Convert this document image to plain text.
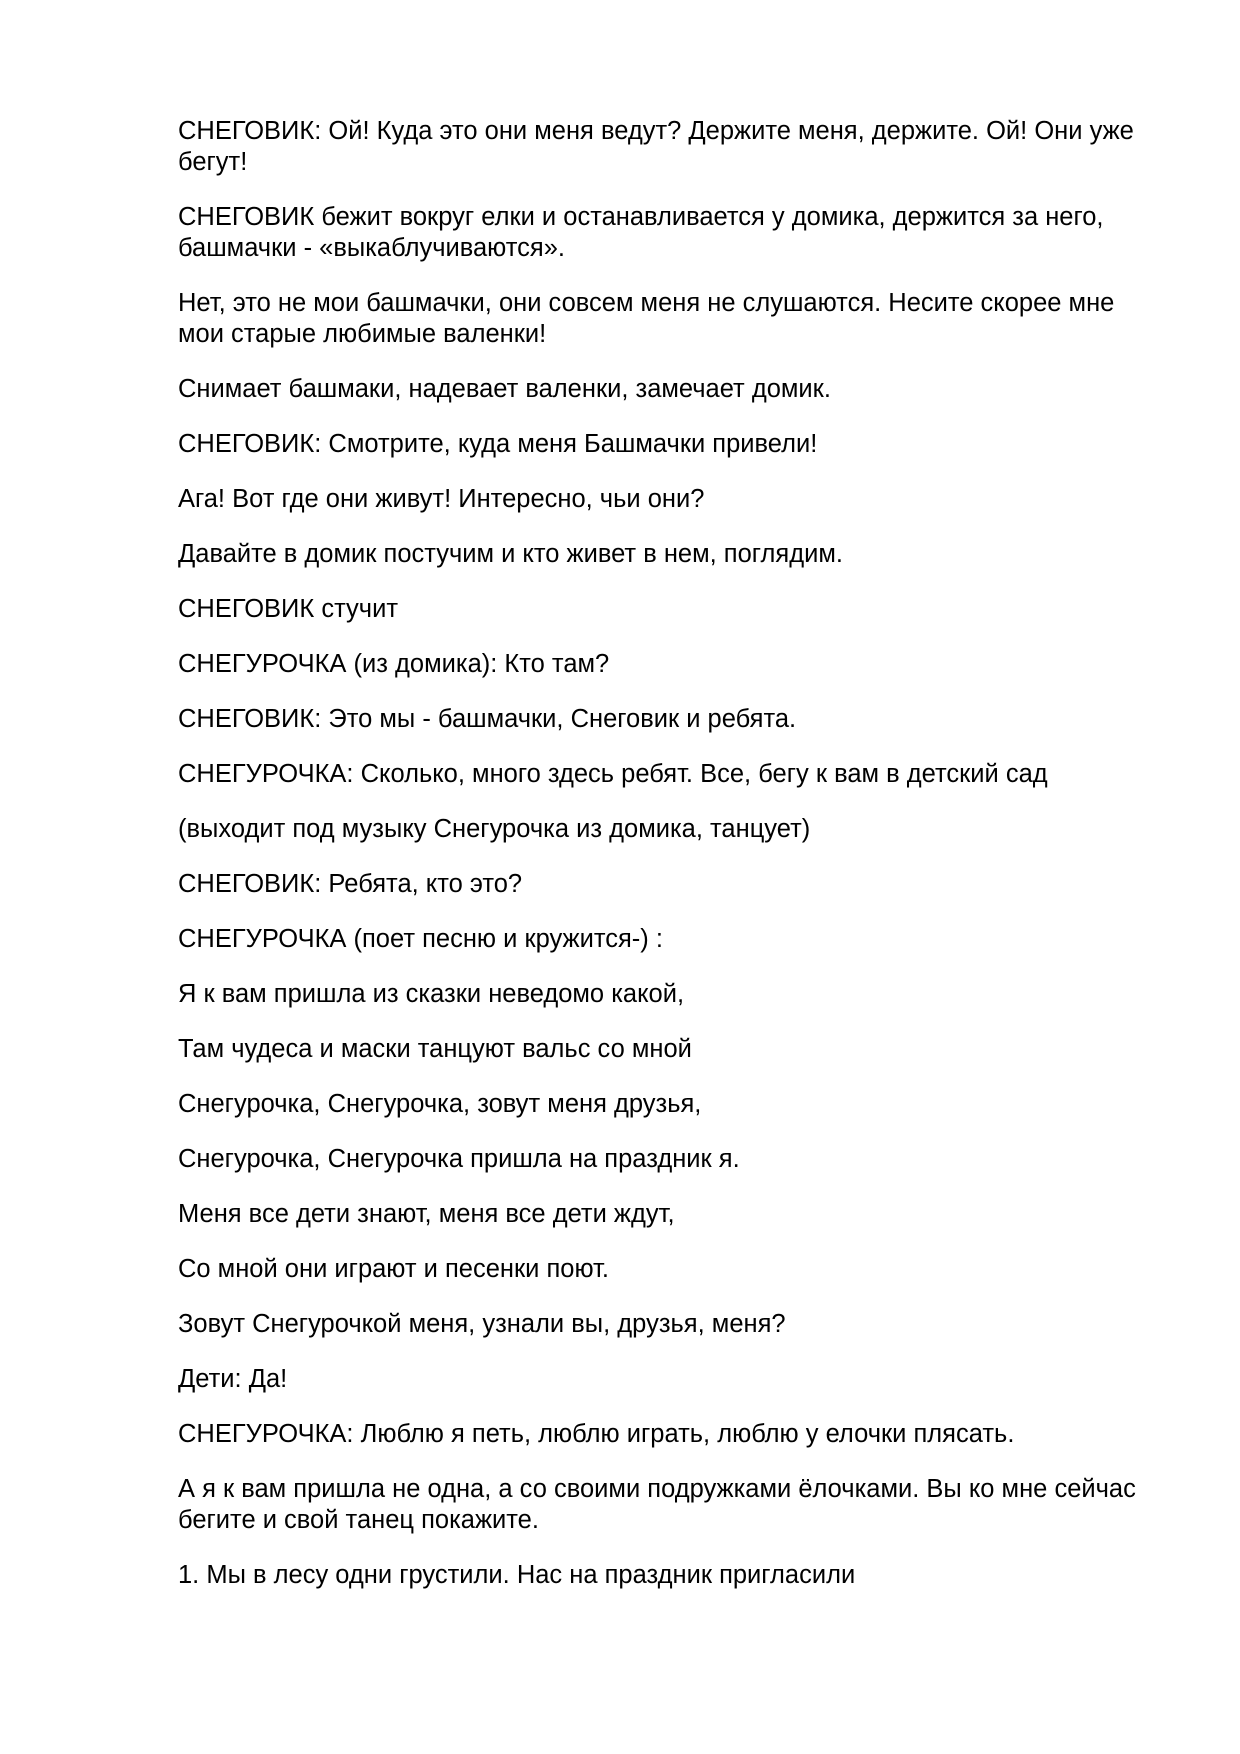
СНЕГОВИК: Ой! Куда это они меня ведут? Держите меня, держите. Ой! Они уже бегут!

СНЕГОВИК бежит вокруг елки и останавливается у домика, держится за него, башмачки - «выкаблучиваются».

Нет, это не мои башмачки, они совсем меня не слушаются. Несите скорее мне мои старые любимые валенки!

Снимает башмаки, надевает валенки, замечает домик.

СНЕГОВИК: Смотрите, куда меня Башмачки привели!

Ага! Вот где они живут! Интересно, чьи они?

Давайте в домик постучим и кто живет в нем, поглядим.

СНЕГОВИК стучит

СНЕГУРОЧКА (из домика): Кто там?

СНЕГОВИК: Это мы - башмачки, Снеговик и ребята.

СНЕГУРОЧКА: Сколько, много здесь ребят. Все, бегу к вам в детский сад

(выходит под музыку Снегурочка из домика, танцует)

СНЕГОВИК: Ребята, кто это?

СНЕГУРОЧКА (поет песню и кружится-) :

Я к вам пришла из сказки неведомо какой,

Там чудеса и маски танцуют вальс со мной

Снегурочка, Снегурочка, зовут меня друзья,

Снегурочка, Снегурочка пришла на праздник я.

Меня все дети знают, меня все дети ждут,

Со мной они играют и песенки поют.

Зовут Снегурочкой меня, узнали вы, друзья, меня?

Дети: Да!

СНЕГУРОЧКА: Люблю я петь, люблю играть, люблю у елочки плясать.

А я к вам пришла не одна, а со своими подружками ёлочками. Вы ко мне сейчас бегите и свой танец покажите.

1. Мы в лесу одни грустили. Нас на праздник пригласили
